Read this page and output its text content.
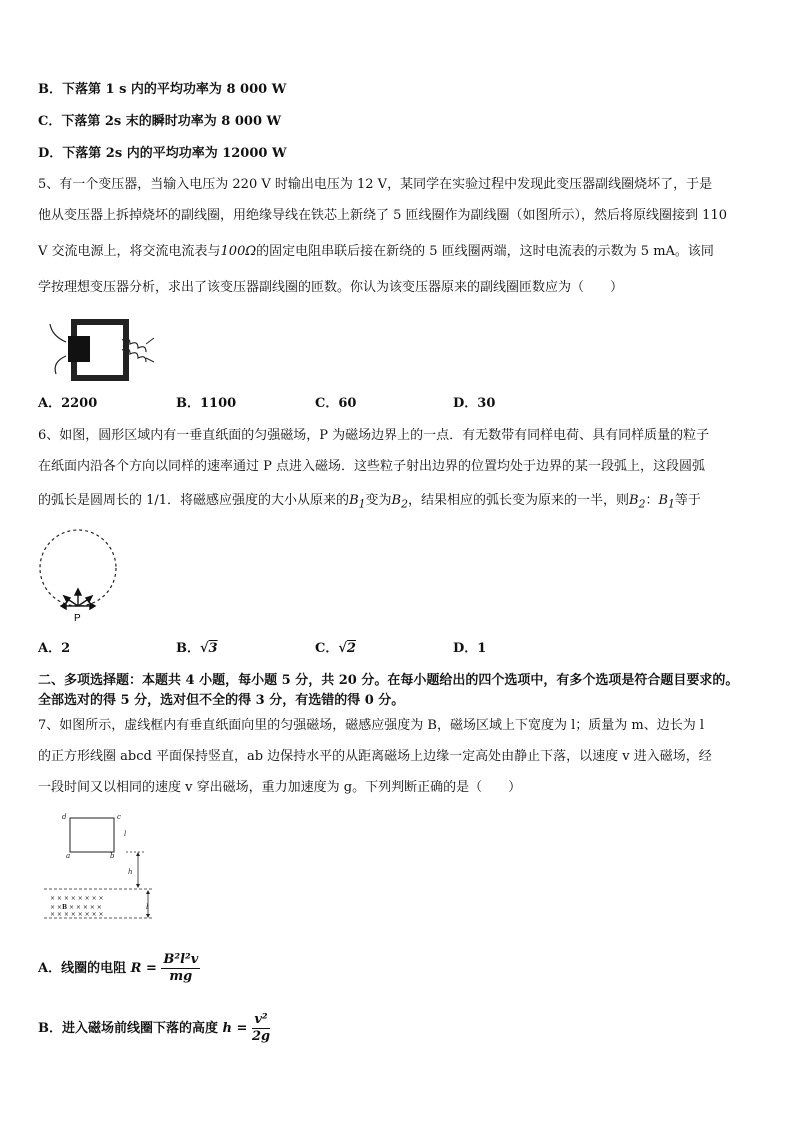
B．下落第 1 s 内的平均功率为 8 000 W
C．下落第 2s 末的瞬时功率为 8 000 W
D．下落第 2s 内的平均功率为 12000 W
5、有一个变压器，当输入电压为 220 V 时输出电压为 12 V，某同学在实验过程中发现此变压器副线圈烧坏了，于是
他从变压器上拆掉烧坏的副线圈，用绝缘导线在铁芯上新绕了 5 匝线圈作为副线圈（如图所示），然后将原线圈接到 110
V 交流电源上，将交流电流表与100Ω的固定电阻串联后接在新绕的 5 匝线圈两端，这时电流表的示数为 5 mA。该同
学按理想变压器分析，求出了该变压器副线圈的匝数。你认为该变压器原来的副线圈匝数应为（　　）
A．2200	B．1100	C．60	D．30
6、如图，圆形区域内有一垂直纸面的匀强磁场，P 为磁场边界上的一点．有无数带有同样电荷、具有同样质量的粒子
在纸面内沿各个方向以同样的速率通过 P 点进入磁场．这些粒子射出边界的位置均处于边界的某一段弧上，这段圆弧
的弧长是圆周长的 1/1．将磁感应强度的大小从原来的$B_1$变为$B_2$，结果相应的弧长变为原来的一半，则$B_2$：$B_1$等于
P
A．2	B．√3	C．√2	D．1
二、多项选择题：本题共 4 小题，每小题 5 分，共 20 分。在每小题给出的四个选项中，有多个选项是符合题目要求的。
全部选对的得 5 分，选对但不全的得 3 分，有选错的得 0 分。
7、如图所示，虚线框内有垂直纸面向里的匀强磁场，磁感应强度为 B，磁场区域上下宽度为 l；质量为 m、边长为 l
的正方形线圈 abcd 平面保持竖直，ab 边保持水平的从距离磁场上边缘一定高处由静止下落，以速度 v 进入磁场，经
一段时间又以相同的速度 v 穿出磁场，重力加速度为 g。下列判断正确的是（　　）
d	c
a	b
l
h
l
× × × × × × × ×
× ×B × × × × ×
× × × × × × × ×
A．线圈的电阻 $R = \frac{\text{B²l²v}}{mg}$
B．进入磁场前线圈下落的高度 $h = \frac{\text{v²}}{2g}$
